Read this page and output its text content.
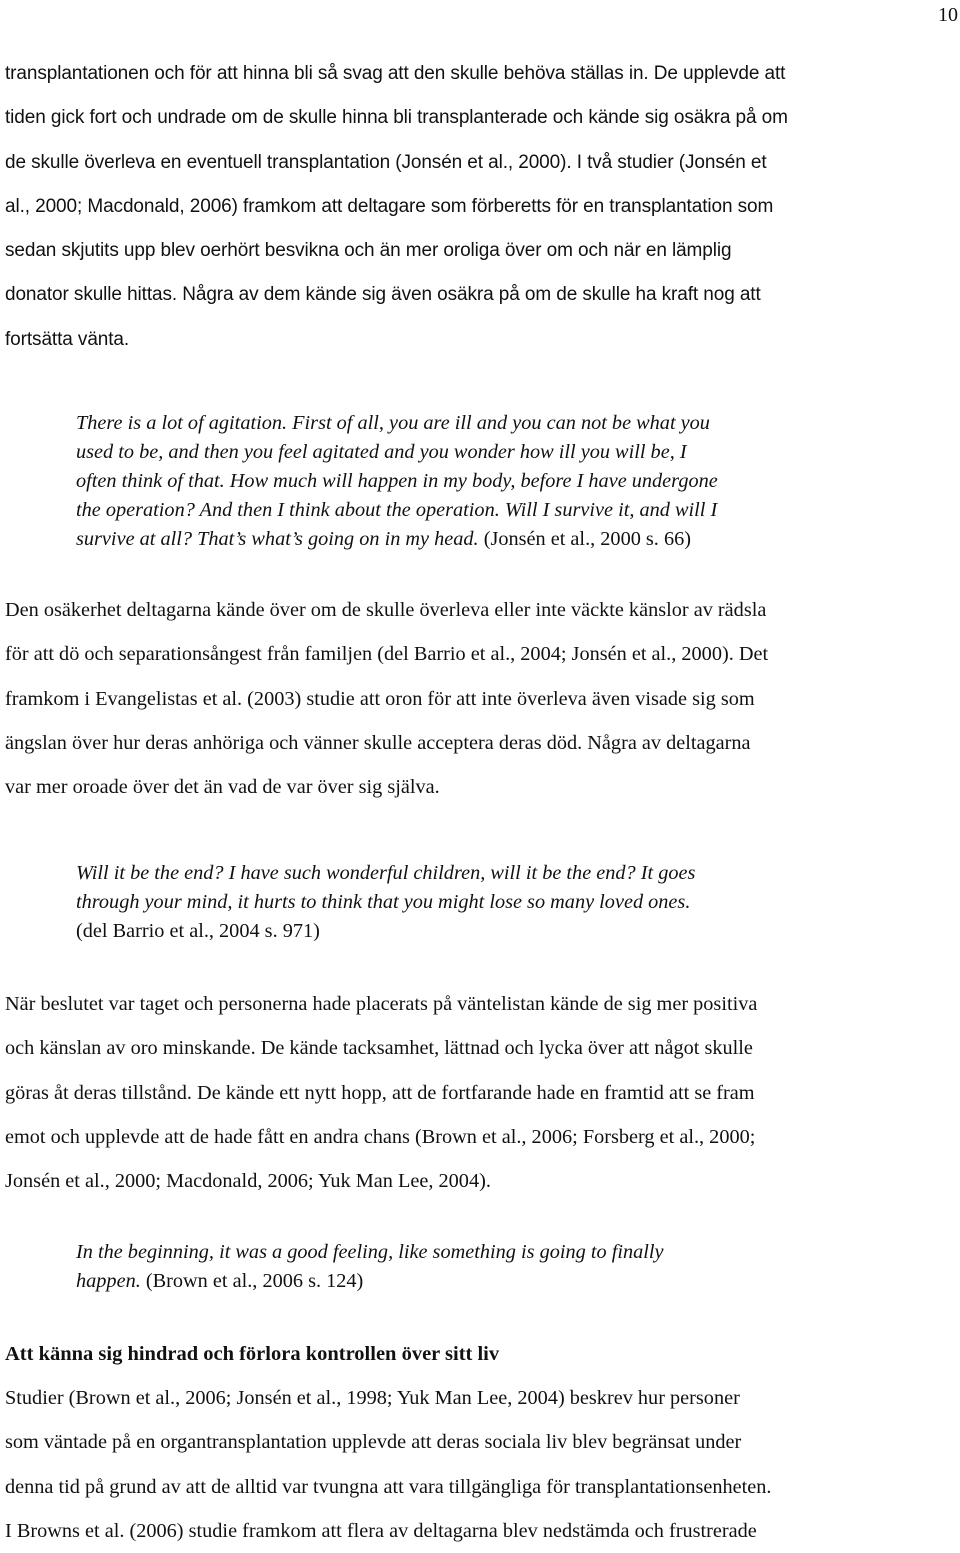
10

transplantationen och för att hinna bli så svag att den skulle behöva ställas in. De upplevde att
tiden gick fort och undrade om de skulle hinna bli transplanterade och kände sig osäkra på om
de skulle överleva en eventuell transplantation (Jonsén et al., 2000). I två studier (Jonsén et
al., 2000; Macdonald, 2006) framkom att deltagare som förberetts för en transplantation som
sedan skjutits upp blev oerhört besvikna och än mer oroliga över om och när en lämplig
donator skulle hittas. Några av dem kände sig även osäkra på om de skulle ha kraft nog att
fortsätta vänta.

There is a lot of agitation. First of all, you are ill and you can not be what you
used to be, and then you feel agitated and you wonder how ill you will be, I
often think of that. How much will happen in my body, before I have undergone
the operation? And then I think about the operation. Will I survive it, and will I
survive at all? That’s what’s going on in my head. (Jonsén et al., 2000 s. 66)

Den osäkerhet deltagarna kände över om de skulle överleva eller inte väckte känslor av rädsla
för att dö och separationsångest från familjen (del Barrio et al., 2004; Jonsén et al., 2000). Det
framkom i Evangelistas et al. (2003) studie att oron för att inte överleva även visade sig som
ängslan över hur deras anhöriga och vänner skulle acceptera deras död. Några av deltagarna
var mer oroade över det än vad de var över sig själva.

Will it be the end? I have such wonderful children, will it be the end? It goes
through your mind, it hurts to think that you might lose so many loved ones.
(del Barrio et al., 2004 s. 971)

När beslutet var taget och personerna hade placerats på väntelistan kände de sig mer positiva
och känslan av oro minskande. De kände tacksamhet, lättnad och lycka över att något skulle
göras åt deras tillstånd. De kände ett nytt hopp, att de fortfarande hade en framtid att se fram
emot och upplevde att de hade fått en andra chans (Brown et al., 2006; Forsberg et al., 2000;
Jonsén et al., 2000; Macdonald, 2006; Yuk Man Lee, 2004).

In the beginning, it was a good feeling, like something is going to finally
happen. (Brown et al., 2006 s. 124)
Att känna sig hindrad och förlora kontrollen över sitt liv

Studier (Brown et al., 2006; Jonsén et al., 1998; Yuk Man Lee, 2004) beskrev hur personer
som väntade på en organtransplantation upplevde att deras sociala liv blev begränsat under
denna tid på grund av att de alltid var tvungna att vara tillgängliga för transplantationsenheten.
I Browns et al. (2006) studie framkom att flera av deltagarna blev nedstämda och frustrerade
